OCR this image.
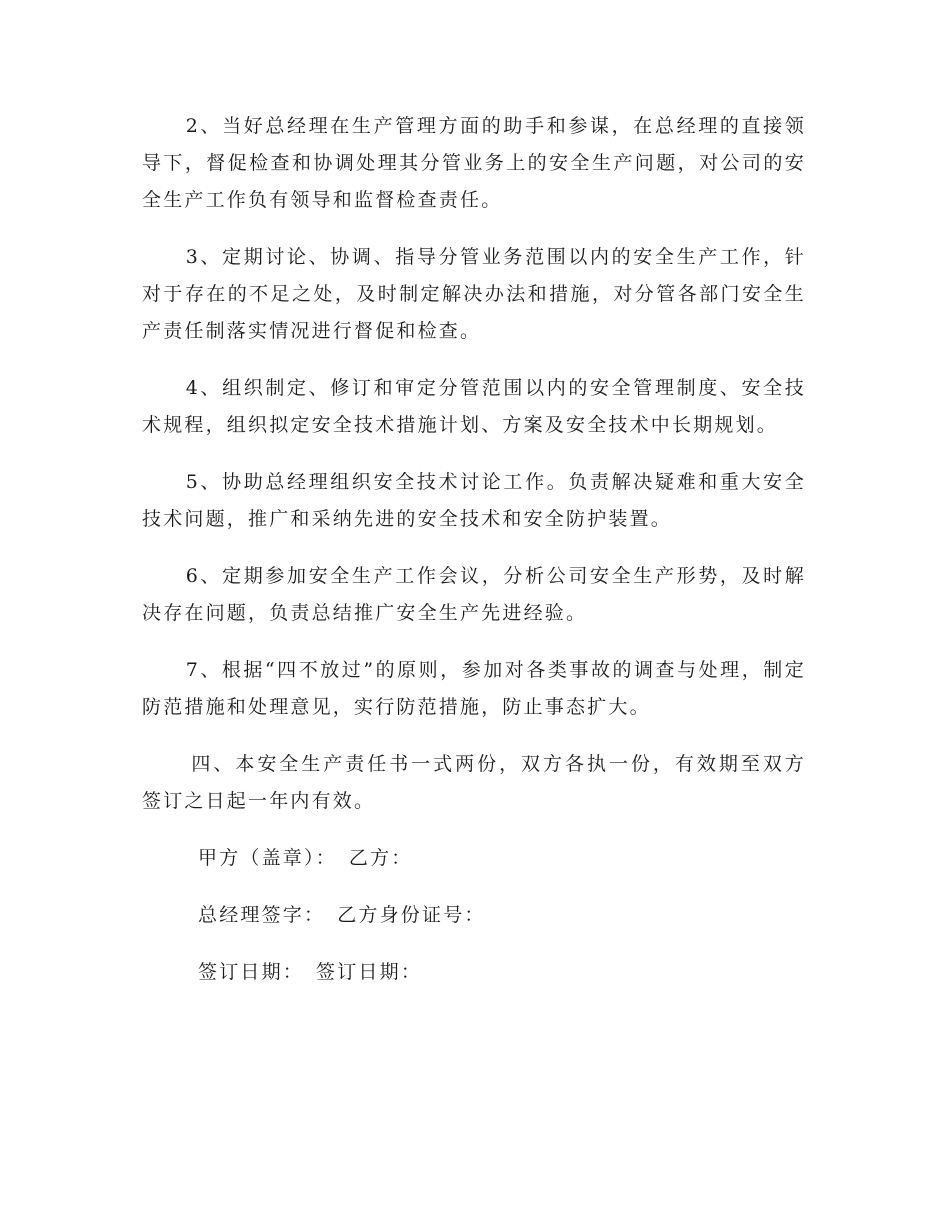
2、当好总经理在生产管理方面的助手和参谋，在总经理的直接领导下，督促检查和协调处理其分管业务上的安全生产问题，对公司的安全生产工作负有领导和监督检查责任。

3、定期讨论、协调、指导分管业务范围以内的安全生产工作，针对于存在的不足之处，及时制定解决办法和措施，对分管各部门安全生产责任制落实情况进行督促和检查。

4、组织制定、修订和审定分管范围以内的安全管理制度、安全技术规程，组织拟定安全技术措施计划、方案及安全技术中长期规划。

5、协助总经理组织安全技术讨论工作。负责解决疑难和重大安全技术问题，推广和采纳先进的安全技术和安全防护装置。

6、定期参加安全生产工作会议，分析公司安全生产形势，及时解决存在问题，负责总结推广安全生产先进经验。

7、根据“四不放过”的原则，参加对各类事故的调查与处理，制定防范措施和处理意见，实行防范措施，防止事态扩大。

四、本安全生产责任书一式两份，双方各执一份，有效期至双方签订之日起一年内有效。

甲方（盖章）： 乙方：
总经理签字： 乙方身份证号：
签订日期： 签订日期：
